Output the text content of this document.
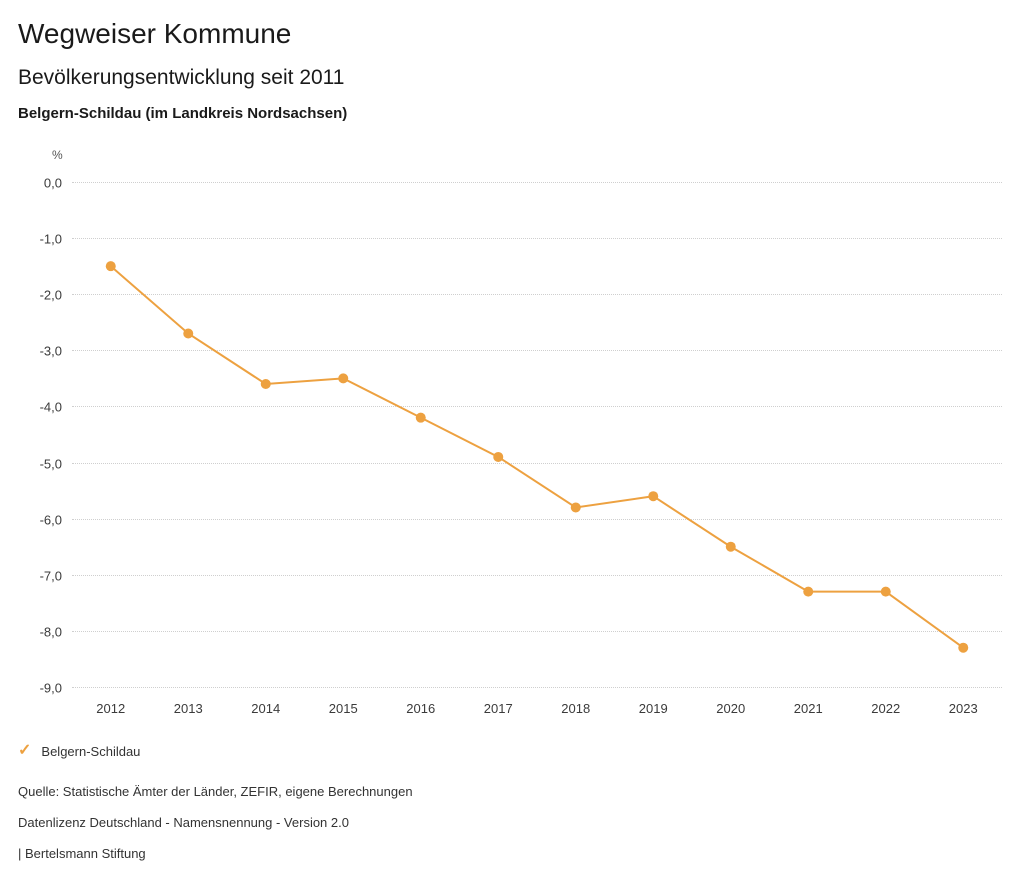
Wegweiser Kommune
Bevölkerungsentwicklung seit 2011
Belgern-Schildau (im Landkreis Nordsachsen)
%
0,0
-1,0
-2,0
-3,0
-4,0
-5,0
-6,0
-7,0
-8,0
-9,0
2012	2013	2014	2015	2016	2017	2018	2019	2020	2021	2022	2023
✓ Belgern-Schildau
Quelle: Statistische Ämter der Länder, ZEFIR, eigene Berechnungen
Datenlizenz Deutschland - Namensnennung - Version 2.0
| Bertelsmann Stiftung
